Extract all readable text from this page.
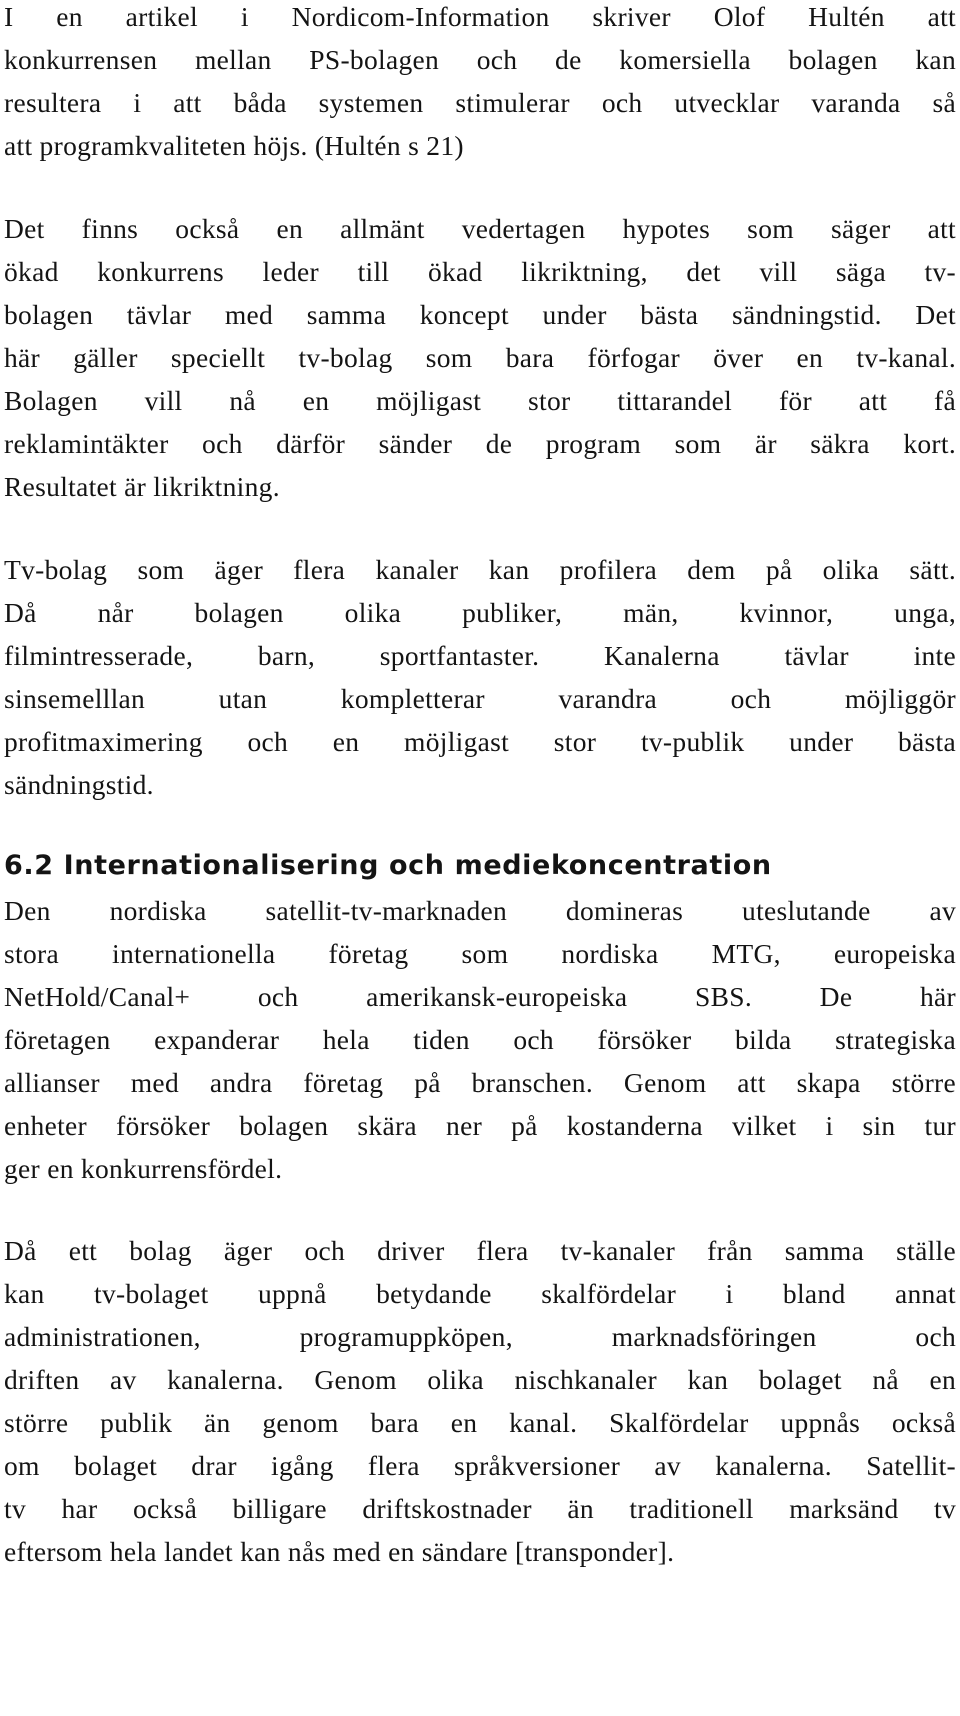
I en artikel i Nordicom-Information skriver Olof Hultén att
konkurrensen mellan PS-bolagen och de komersiella bolagen kan
resultera i att båda systemen stimulerar och utvecklar varanda så
att programkvaliteten höjs. (Hultén s 21)
Det finns också en allmänt vedertagen hypotes som säger att
ökad konkurrens leder till ökad likriktning, det vill säga tv-
bolagen tävlar med samma koncept under bästa sändningstid. Det
här gäller speciellt tv-bolag som bara förfogar över en tv-kanal.
Bolagen vill nå en möjligast stor tittarandel för att få
reklamintäkter och därför sänder de program som är säkra kort.
Resultatet är likriktning.
Tv-bolag som äger flera kanaler kan profilera dem på olika sätt.
Då når bolagen olika publiker, män, kvinnor, unga,
filmintresserade, barn, sportfantaster. Kanalerna tävlar inte
sinsemelllan utan kompletterar varandra och möjliggör
profitmaximering och en möjligast stor tv-publik under bästa
sändningstid.
6.2 Internationalisering och mediekoncentration
Den nordiska satellit-tv-marknaden domineras uteslutande av
stora internationella företag som nordiska MTG, europeiska
NetHold/Canal+ och amerikansk-europeiska SBS. De här
företagen expanderar hela tiden och försöker bilda strategiska
allianser med andra företag på branschen. Genom att skapa större
enheter försöker bolagen skära ner på kostanderna vilket i sin tur
ger en konkurrensfördel.
Då ett bolag äger och driver flera tv-kanaler från samma ställe
kan tv-bolaget uppnå betydande skalfördelar i bland annat
administrationen, programuppköpen, marknadsföringen och
driften av kanalerna. Genom olika nischkanaler kan bolaget nå en
större publik än genom bara en kanal. Skalfördelar uppnås också
om bolaget drar igång flera språkversioner av kanalerna. Satellit-
tv har också billigare driftskostnader än traditionell marksänd tv
eftersom hela landet kan nås med en sändare [transponder].
